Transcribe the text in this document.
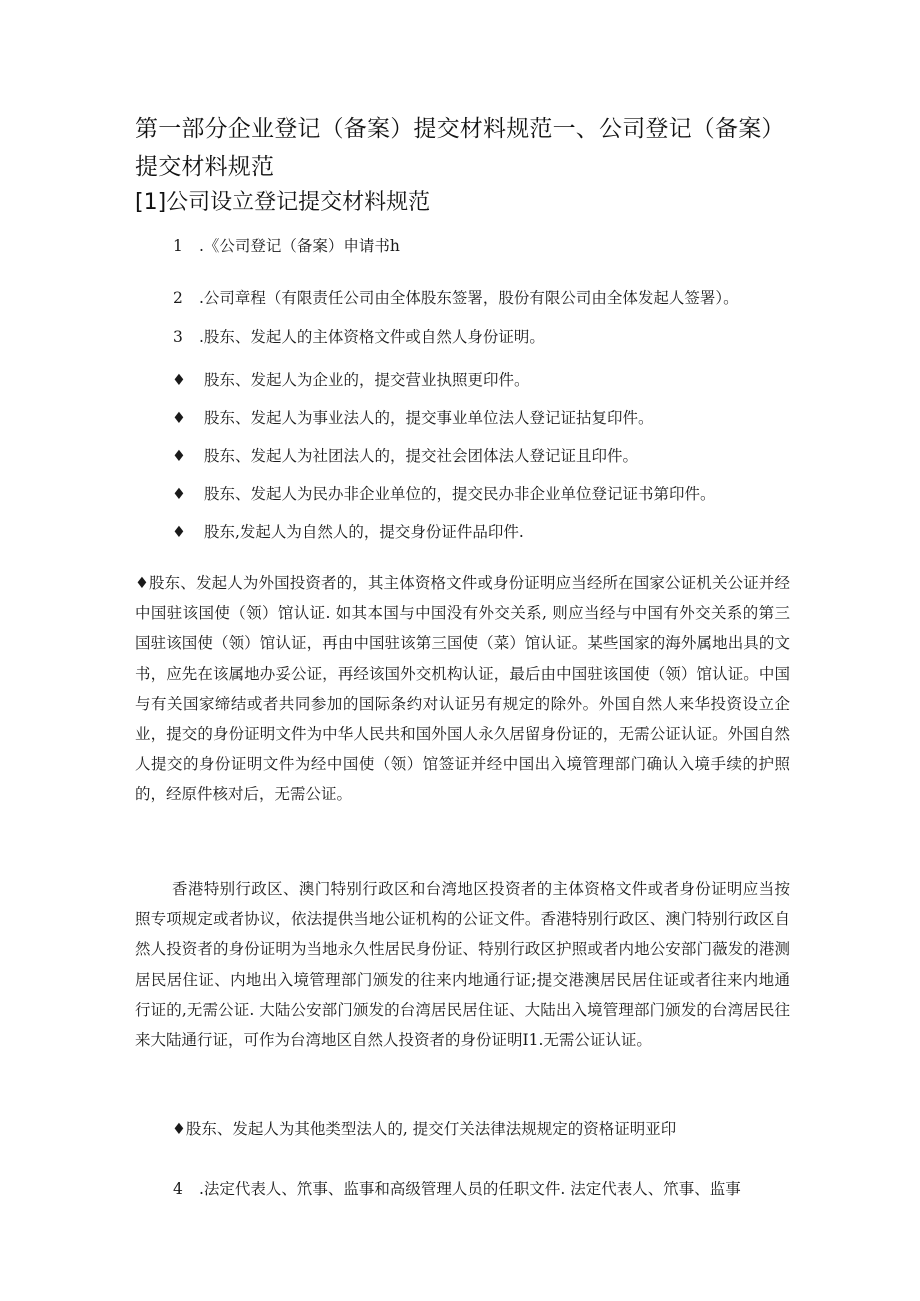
第一部分企业登记（备案）提交材料规范一、公司登记（备案）提交材料规范
[1]公司设立登记提交材料规范
1 .《公司登记（备案）申请书h
2 .公司章程（有限责任公司由全体股东签署，股份有限公司由全体发起人签署）。
3 .股东、发起人的主体资格文件或自然人身份证明。
♦ 股东、发起人为企业的，提交营业执照更印件。
♦ 股东、发起人为事业法人的，提交事业单位法人登记证拈复印件。
♦ 股东、发起人为社团法人的，提交社会团体法人登记证且印件。
♦ 股东、发起人为民办非企业单位的，提交民办非企业单位登记证书第印件。
♦ 股东,发起人为自然人的，提交身份证件品印件.
♦股东、发起人为外国投资者的，其主体资格文件或身份证明应当经所在国家公证机关公证并经中国驻该国使（领）馆认证. 如其本国与中国没有外交关系, 则应当经与中国有外交关系的第三国驻该国使（领）馆认证，再由中国驻该第三国使（菜）馆认证。某些国家的海外属地出具的文书，应先在该属地办妥公证，再经该国外交机构认证，最后由中国驻该国使（领）馆认证。中国与有关国家缔结或者共同参加的国际条约对认证另有规定的除外。外国自然人来华投资设立企业，提交的身份证明文件为中华人民共和国外国人永久居留身份证的，无需公证认证。外国自然人提交的身份证明文件为经中国使（领）馆签证并经中国出入境管理部门确认入境手续的护照的，经原件核对后，无需公证。
香港特别行政区、澳门特别行政区和台湾地区投资者的主体资格文件或者身份证明应当按照专项规定或者协议，依法提供当地公证机构的公证文件。香港特别行政区、澳门特别行政区自然人投资者的身份证明为当地永久性居民身份证、特别行政区护照或者内地公安部门薇发的港测居民居住证、内地出入境管理部门颁发的往来内地通行证;提交港澳居民居住证或者往来内地通行证的,无需公证. 大陆公安部门颁发的台湾居民居住证、大陆出入境管理部门颁发的台湾居民往来大陆通行证，可作为台湾地区自然人投资者的身份证明I1.无需公证认证。
♦股东、发起人为其他类型法人的, 提交仃关法律法规规定的资格证明亚印
4 .法定代表人、笊事、监事和高级管理人员的任职文件. 法定代表人、笊事、监事
